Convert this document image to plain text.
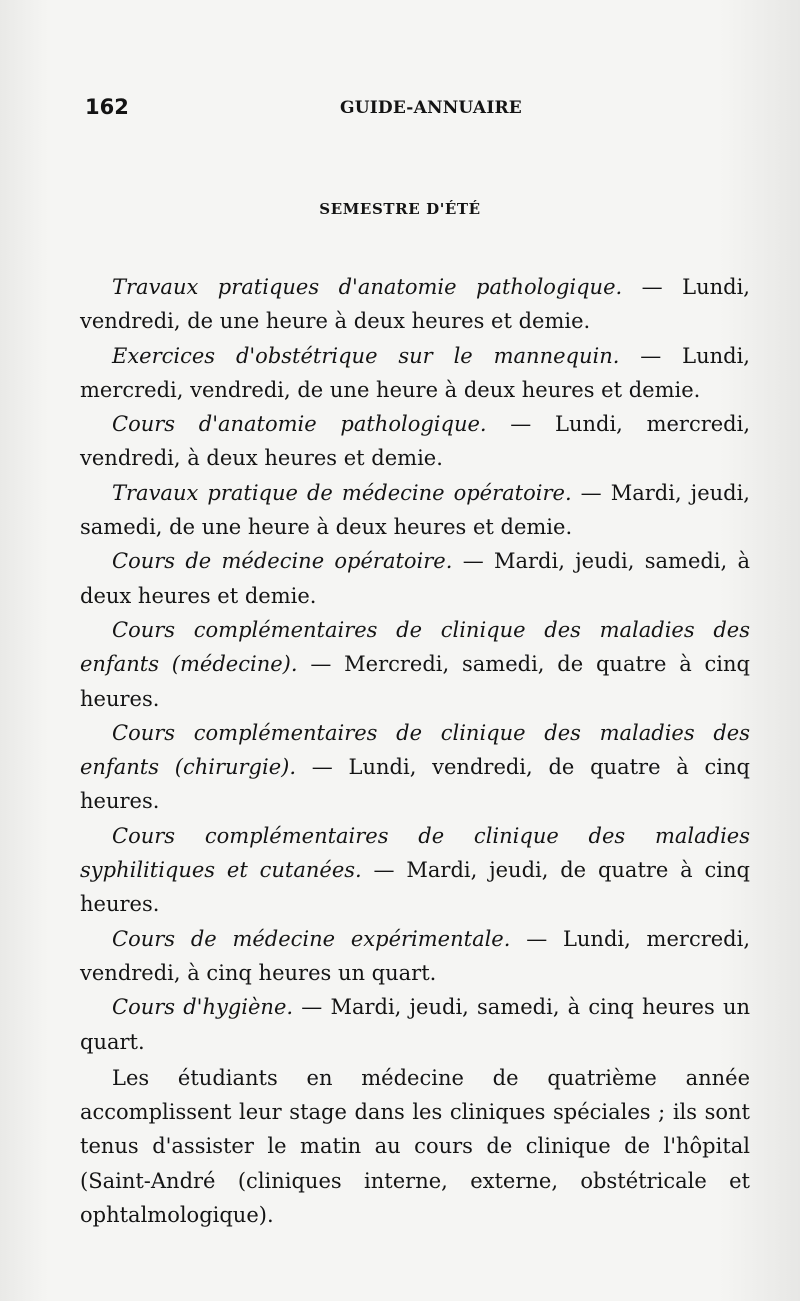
162	GUIDE-ANNUAIRE
SEMESTRE D'ÉTÉ

Travaux pratiques d'anatomie pathologique. — Lundi, vendredi, de une heure à deux heures et demie.

Exercices d'obstétrique sur le mannequin. — Lundi, mercredi, vendredi, de une heure à deux heures et demie.

Cours d'anatomie pathologique. — Lundi, mercredi, vendredi, à deux heures et demie.

Travaux pratique de médecine opératoire. — Mardi, jeudi, samedi, de une heure à deux heures et demie.

Cours de médecine opératoire. — Mardi, jeudi, samedi, à deux heures et demie.

Cours complémentaires de clinique des maladies des enfants (médecine). — Mercredi, samedi, de quatre à cinq heures.

Cours complémentaires de clinique des maladies des enfants (chirurgie). — Lundi, vendredi, de quatre à cinq heures.

Cours complémentaires de clinique des maladies syphilitiques et cutanées. — Mardi, jeudi, de quatre à cinq heures.

Cours de médecine expérimentale. — Lundi, mercredi, vendredi, à cinq heures un quart.

Cours d'hygiène. — Mardi, jeudi, samedi, à cinq heures un quart.

Les étudiants en médecine de quatrième année accomplissent leur stage dans les cliniques spéciales ; ils sont tenus d'assister le matin au cours de clinique de l'hôpital (Saint-André (cliniques interne, externe, obstétricale et ophtalmologique).
